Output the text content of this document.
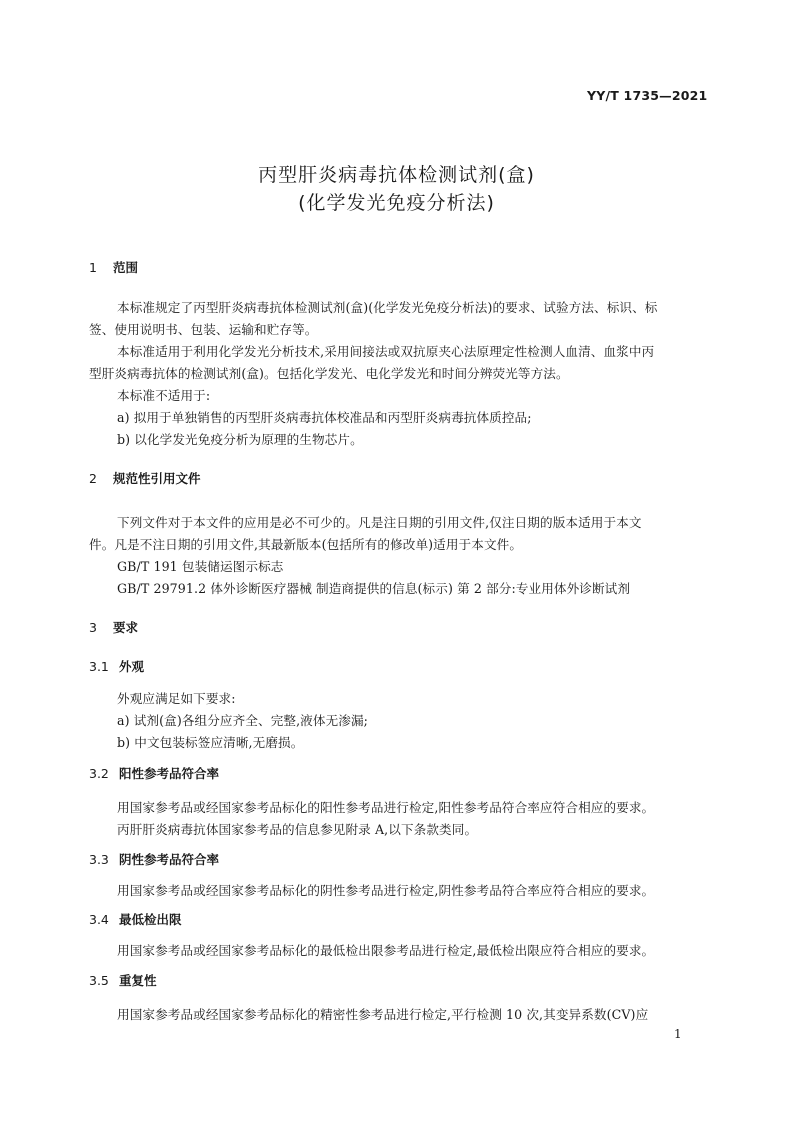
YY/T 1735—2021
丙型肝炎病毒抗体检测试剂(盒)
(化学发光免疫分析法)
1 范围
本标准规定了丙型肝炎病毒抗体检测试剂(盒)(化学发光免疫分析法)的要求、试验方法、标识、标
签、使用说明书、包装、运输和贮存等。
本标准适用于利用化学发光分析技术,采用间接法或双抗原夹心法原理定性检测人血清、血浆中丙
型肝炎病毒抗体的检测试剂(盒)。包括化学发光、电化学发光和时间分辨荧光等方法。
本标准不适用于:
a) 拟用于单独销售的丙型肝炎病毒抗体校准品和丙型肝炎病毒抗体质控品;
b) 以化学发光免疫分析为原理的生物芯片。
2 规范性引用文件
下列文件对于本文件的应用是必不可少的。凡是注日期的引用文件,仅注日期的版本适用于本文
件。凡是不注日期的引用文件,其最新版本(包括所有的修改单)适用于本文件。
GB/T 191 包装储运图示标志
GB/T 29791.2 体外诊断医疗器械 制造商提供的信息(标示) 第 2 部分:专业用体外诊断试剂
3 要求
3.1 外观
外观应满足如下要求:
a) 试剂(盒)各组分应齐全、完整,液体无渗漏;
b) 中文包装标签应清晰,无磨损。
3.2 阳性参考品符合率
用国家参考品或经国家参考品标化的阳性参考品进行检定,阳性参考品符合率应符合相应的要求。
丙肝肝炎病毒抗体国家参考品的信息参见附录 A,以下条款类同。
3.3 阴性参考品符合率
用国家参考品或经国家参考品标化的阴性参考品进行检定,阴性参考品符合率应符合相应的要求。
3.4 最低检出限
用国家参考品或经国家参考品标化的最低检出限参考品进行检定,最低检出限应符合相应的要求。
3.5 重复性
用国家参考品或经国家参考品标化的精密性参考品进行检定,平行检测 10 次,其变异系数(CV)应
1
